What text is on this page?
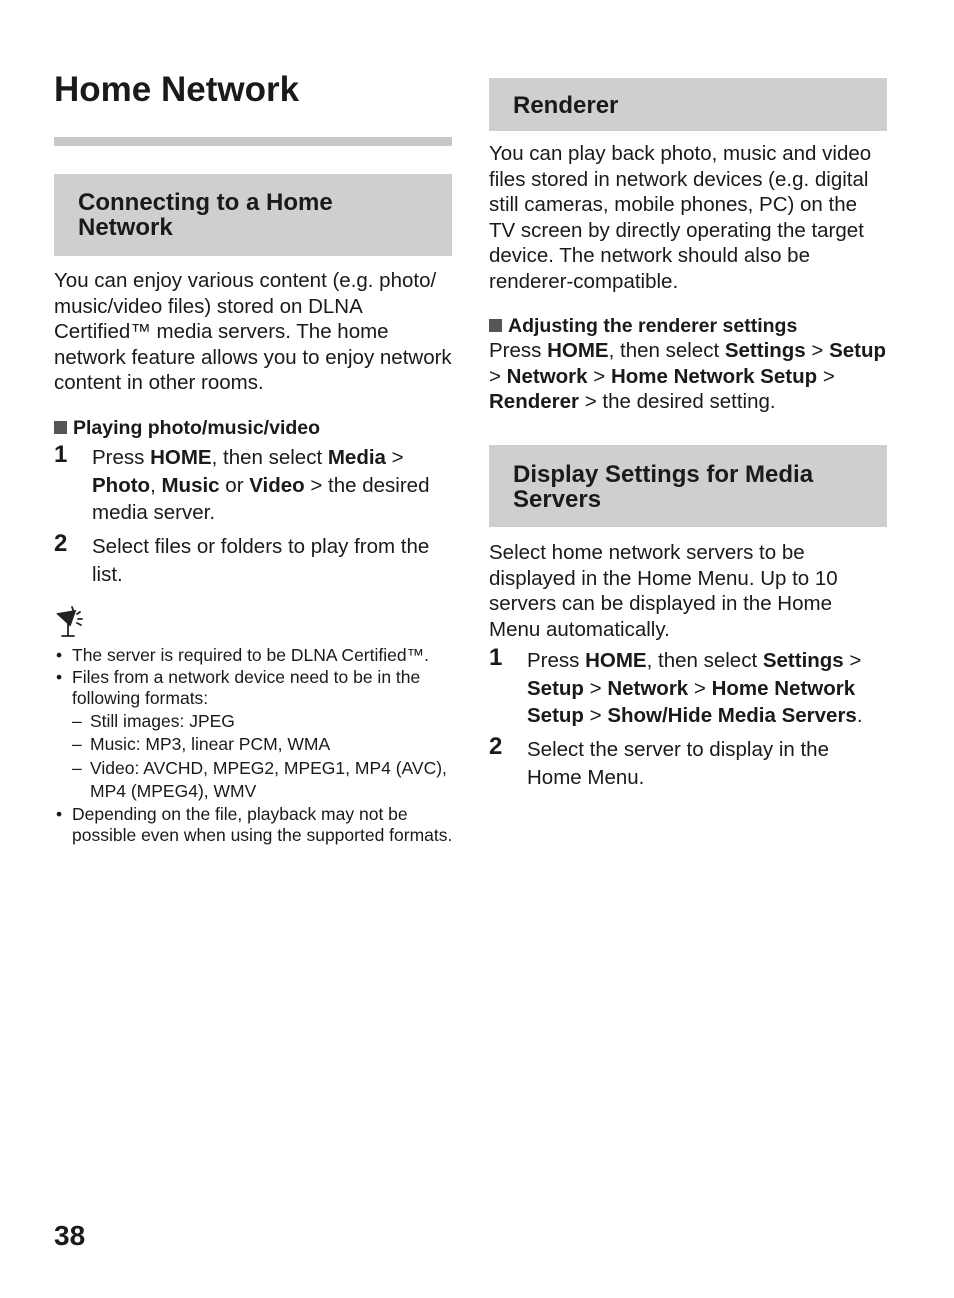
Home Network
Connecting to a Home Network

You can enjoy various content (e.g. photo/ music/video files) stored on DLNA Certified™ media servers. The home network feature allows you to enjoy network content in other rooms.

Playing photo/music/video
1 Press HOME, then select Media > Photo, Music or Video > the desired media server.
2 Select files or folders to play from the list.
• The server is required to be DLNA Certified™.
• Files from a network device need to be in the following formats:
– Still images: JPEG
– Music: MP3, linear PCM, WMA
– Video: AVCHD, MPEG2, MPEG1, MP4 (AVC), MP4 (MPEG4), WMV
• Depending on the file, playback may not be possible even when using the supported formats.
Renderer

You can play back photo, music and video files stored in network devices (e.g. digital still cameras, mobile phones, PC) on the TV screen by directly operating the target device. The network should also be renderer-compatible.

Adjusting the renderer settings

Press HOME, then select Settings > Setup > Network > Home Network Setup > Renderer > the desired setting.

Display Settings for Media Servers

Select home network servers to be displayed in the Home Menu. Up to 10 servers can be displayed in the Home Menu automatically.

1 Press HOME, then select Settings > Setup > Network > Home Network Setup > Show/Hide Media Servers.
2 Select the server to display in the Home Menu.
38
